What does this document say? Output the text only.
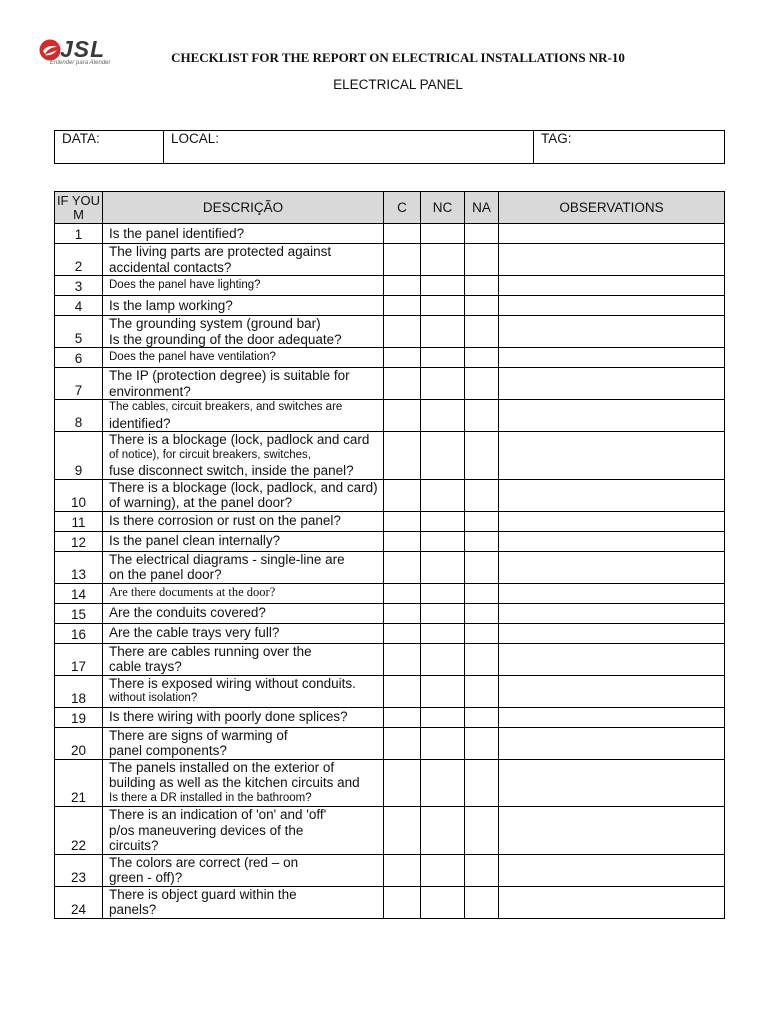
JSL
Entender para Atender	CHECKLIST FOR THE REPORT ON ELECTRICAL INSTALLATIONS NR-10
ELECTRICAL PANEL
DATA:	LOCAL:	TAG:
IF YOU
M	DESCRIÇÃO	C	NC	NA	OBSERVATIONS
1	Is the panel identified?				

2	The living parts are protected against
accidental contacts?				

3	Does the panel have lighting?				

4	Is the lamp working?				

5	The grounding system (ground bar)
Is the grounding of the door adequate?				

6	Does the panel have ventilation?				

7	The IP (protection degree) is suitable for
environment?				

8	The cables, circuit breakers, and switches are
identified?				

9	There is a blockage (lock, padlock and card
of notice), for circuit breakers, switches,
fuse disconnect switch, inside the panel?				

10	There is a blockage (lock, padlock, and card)
of warning), at the panel door?				

11	Is there corrosion or rust on the panel?				

12	Is the panel clean internally?				

13	The electrical diagrams - single-line are
on the panel door?				

14	Are there documents at the door?				

15	Are the conduits covered?				

16	Are the cable trays very full?				

17	There are cables running over the
cable trays?				

18	There is exposed wiring without conduits.
without isolation?				

19	Is there wiring with poorly done splices?				

20	There are signs of warming of
panel components?				

21	The panels installed on the exterior of
building as well as the kitchen circuits and
Is there a DR installed in the bathroom?				

22	There is an indication of 'on' and 'off'
p/os maneuvering devices of the
circuits?				

23	The colors are correct (red – on
green - off)?				

24	There is object guard within the
panels?				
